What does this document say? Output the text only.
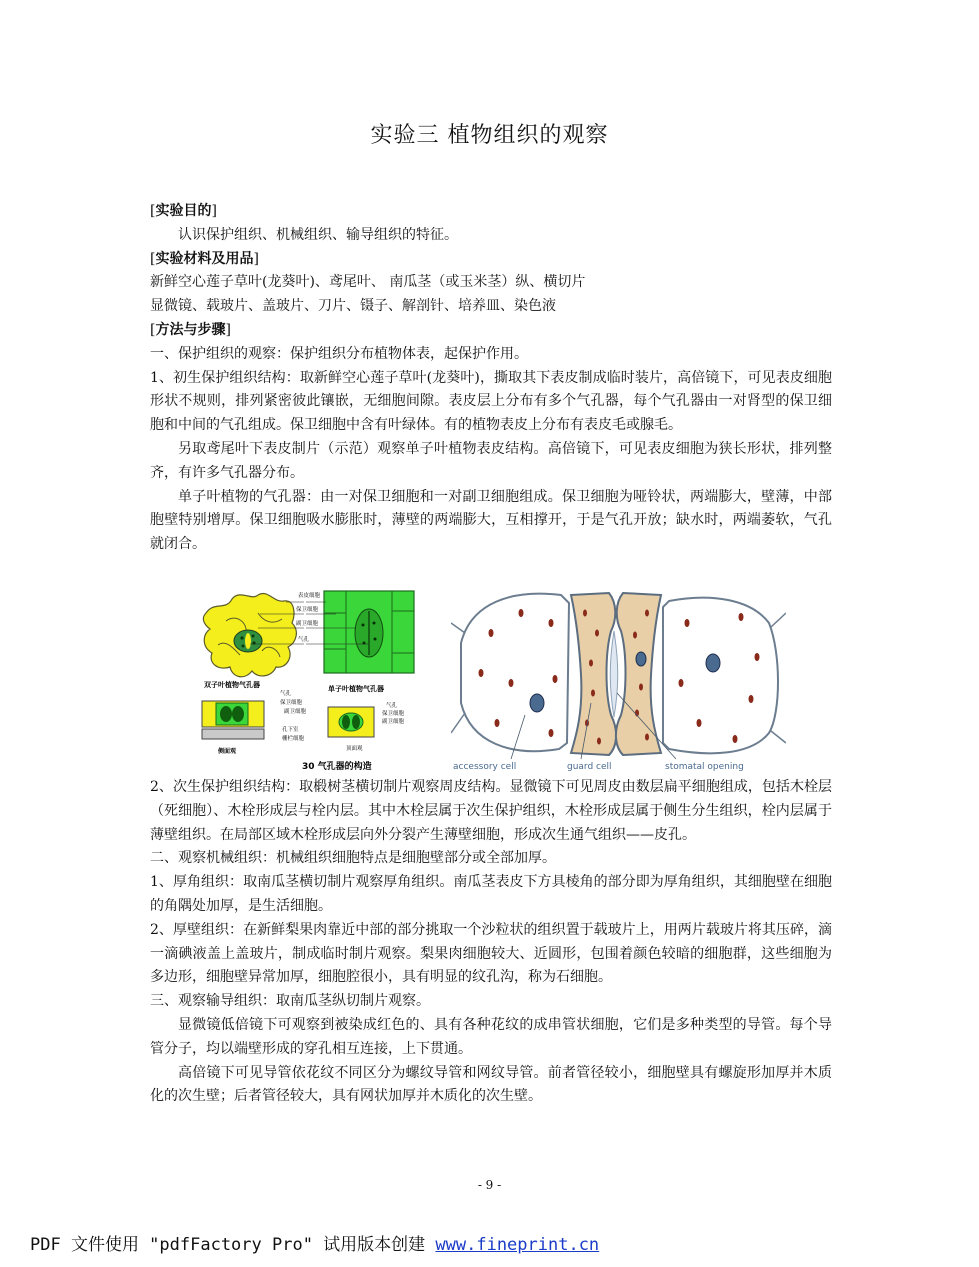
实验三 植物组织的观察

[实验目的]

认识保护组织、机械组织、输导组织的特征。

[实验材料及用品]

新鲜空心莲子草叶(龙葵叶)、鸢尾叶、 南瓜茎（或玉米茎）纵、横切片

显微镜、载玻片、盖玻片、刀片、镊子、解剖针、培养皿、染色液

[方法与步骤]

一、保护组织的观察：保护组织分布植物体表，起保护作用。

1、初生保护组织结构：取新鲜空心莲子草叶(龙葵叶)，撕取其下表皮制成临时装片，高倍镜下，可见表皮细胞形状不规则，排列紧密彼此镶嵌，无细胞间隙。表皮层上分布有多个气孔器，每个气孔器由一对肾型的保卫细胞和中间的气孔组成。保卫细胞中含有叶绿体。有的植物表皮上分布有表皮毛或腺毛。

另取鸢尾叶下表皮制片（示范）观察单子叶植物表皮结构。高倍镜下，可见表皮细胞为狭长形状，排列整齐，有许多气孔器分布。

单子叶植物的气孔器：由一对保卫细胞和一对副卫细胞组成。保卫细胞为哑铃状，两端膨大，壁薄，中部胞壁特别增厚。保卫细胞吸水膨胀时，薄壁的两端膨大，互相撑开，于是气孔开放；缺水时，两端萎软，气孔就闭合。

2、次生保护组织结构：取椴树茎横切制片观察周皮结构。显微镜下可见周皮由数层扁平细胞组成，包括木栓层（死细胞）、木栓形成层与栓内层。其中木栓层属于次生保护组织，木栓形成层属于侧生分生组织，栓内层属于薄壁组织。在局部区域木栓形成层向外分裂产生薄壁细胞，形成次生通气组织——皮孔。

二、观察机械组织：机械组织细胞特点是细胞壁部分或全部加厚。

1、厚角组织：取南瓜茎横切制片观察厚角组织。南瓜茎表皮下方具棱角的部分即为厚角组织，其细胞壁在细胞的角隅处加厚，是生活细胞。

2、厚壁组织：在新鲜梨果肉靠近中部的部分挑取一个沙粒状的组织置于载玻片上，用两片载玻片将其压碎，滴一滴碘液盖上盖玻片，制成临时制片观察。梨果肉细胞较大、近圆形，包围着颜色较暗的细胞群，这些细胞为多边形，细胞壁异常加厚，细胞腔很小，具有明显的纹孔沟，称为石细胞。

三、观察输导组织：取南瓜茎纵切制片观察。

显微镜低倍镜下可观察到被染成红色的、具有各种花纹的成串管状细胞，它们是多种类型的导管。每个导管分子，均以端壁形成的穿孔相互连接，上下贯通。

高倍镜下可见导管依花纹不同区分为螺纹导管和网纹导管。前者管径较小，细胞壁具有螺旋形加厚并木质化的次生壁；后者管径较大，具有网状加厚并木质化的次生壁。

表皮细胞
保卫细胞
副卫细胞
气孔
双子叶植物气孔器	单子叶植物气孔器
气孔
保卫细胞
副卫细胞
孔下室
栅栏细胞
侧面观
气孔
保卫细胞
副卫细胞
顶面观
30 气孔器的构造	accessory cell	guard cell	stomatal opening
- 9 -
PDF 文件使用 "pdfFactory Pro" 试用版本创建 www.fineprint.cn
